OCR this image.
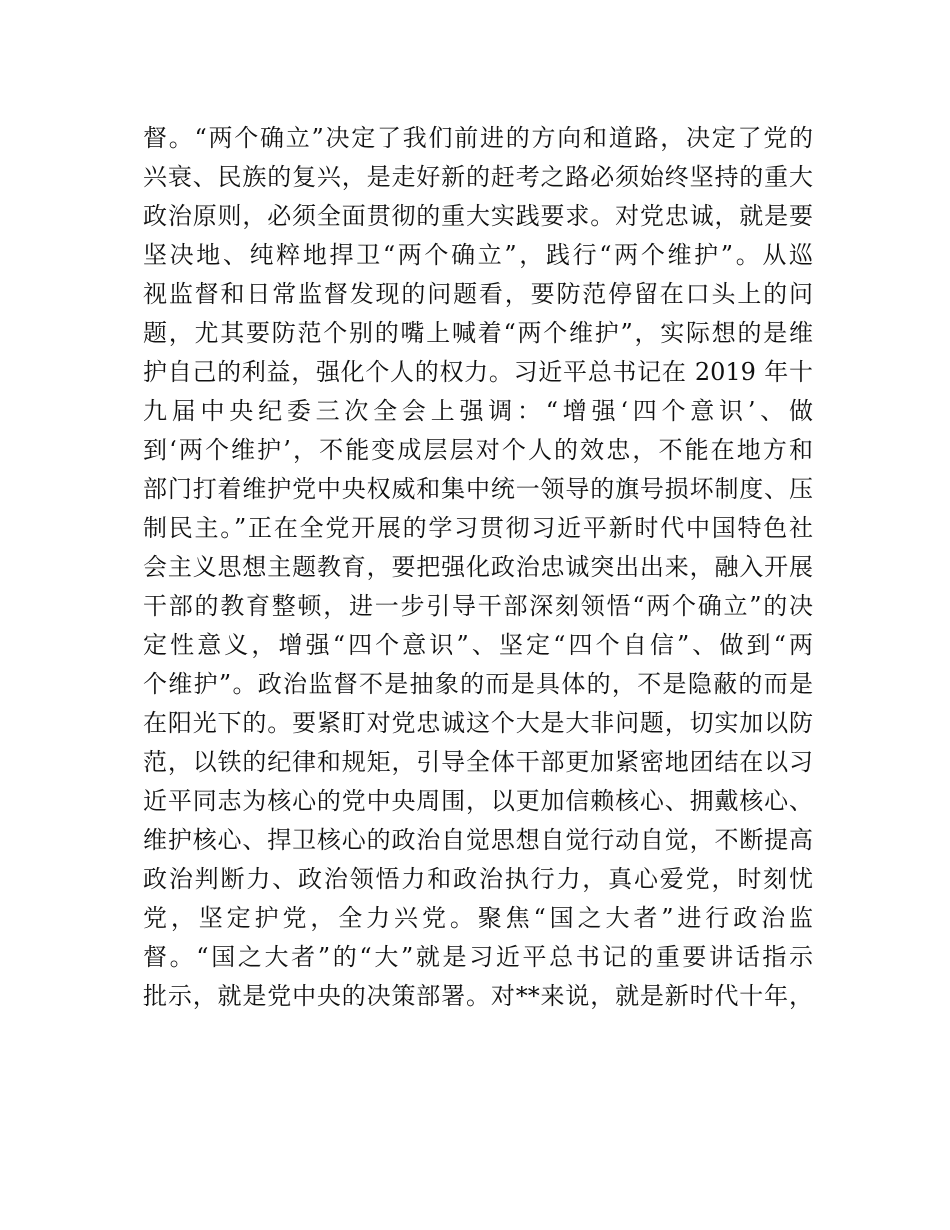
督。“两个确立”决定了我们前进的方向和道路，决定了党的
兴衰、民族的复兴，是走好新的赶考之路必须始终坚持的重大
政治原则，必须全面贯彻的重大实践要求。对党忠诚，就是要
坚决地、纯粹地捍卫“两个确立”，践行“两个维护”。从巡
视监督和日常监督发现的问题看，要防范停留在口头上的问
题，尤其要防范个别的嘴上喊着“两个维护”，实际想的是维
护自己的利益，强化个人的权力。习近平总书记在 2019 年十
九届中央纪委三次全会上强调：“增强‘四个意识’、做
到‘两个维护’，不能变成层层对个人的效忠，不能在地方和
部门打着维护党中央权威和集中统一领导的旗号损坏制度、压
制民主。”正在全党开展的学习贯彻习近平新时代中国特色社
会主义思想主题教育，要把强化政治忠诚突出出来，融入开展
干部的教育整顿，进一步引导干部深刻领悟“两个确立”的决
定性意义，增强“四个意识”、坚定“四个自信”、做到“两
个维护”。政治监督不是抽象的而是具体的，不是隐蔽的而是
在阳光下的。要紧盯对党忠诚这个大是大非问题，切实加以防
范，以铁的纪律和规矩，引导全体干部更加紧密地团结在以习
近平同志为核心的党中央周围，以更加信赖核心、拥戴核心、
维护核心、捍卫核心的政治自觉思想自觉行动自觉，不断提高
政治判断力、政治领悟力和政治执行力，真心爱党，时刻忧
党，坚定护党，全力兴党。聚焦“国之大者”进行政治监
督。“国之大者”的“大”就是习近平总书记的重要讲话指示
批示，就是党中央的决策部署。对**来说，就是新时代十年，
